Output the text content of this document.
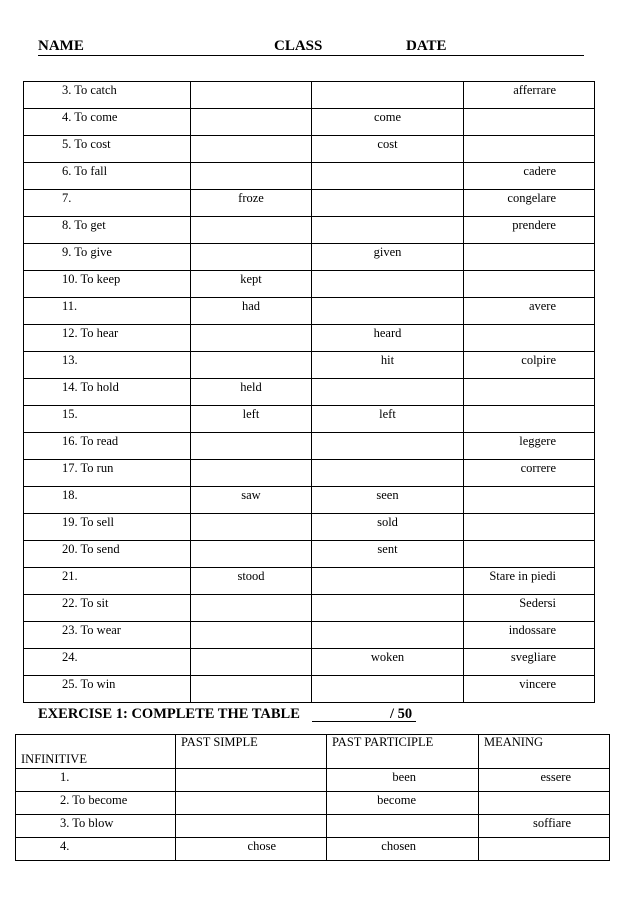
NAME	CLASS	DATE
3. To catch			afferrare
4. To come		come	
5. To cost		cost	
6. To fall			cadere
7.	froze		congelare
8. To get			prendere
9. To give		given	
10. To keep	kept		
11.	had		avere
12. To hear		heard	
13.		hit	colpire
14. To hold	held		
15.	left	left	
16. To read			leggere
17. To run			correre
18.	saw	seen	
19. To sell		sold	
20. To send		sent	
21.	stood		Stare in piedi
22. To sit			Sedersi
23. To wear			indossare
24.		woken	svegliare
25. To win			vincere
EXERCISE 1: COMPLETE THE TABLE	/ 50
INFINITIVE	PAST SIMPLE	PAST PARTICIPLE	MEANING
1.		been	essere
2. To become		become	
3. To blow			soffiare
4.	chose	chosen	
